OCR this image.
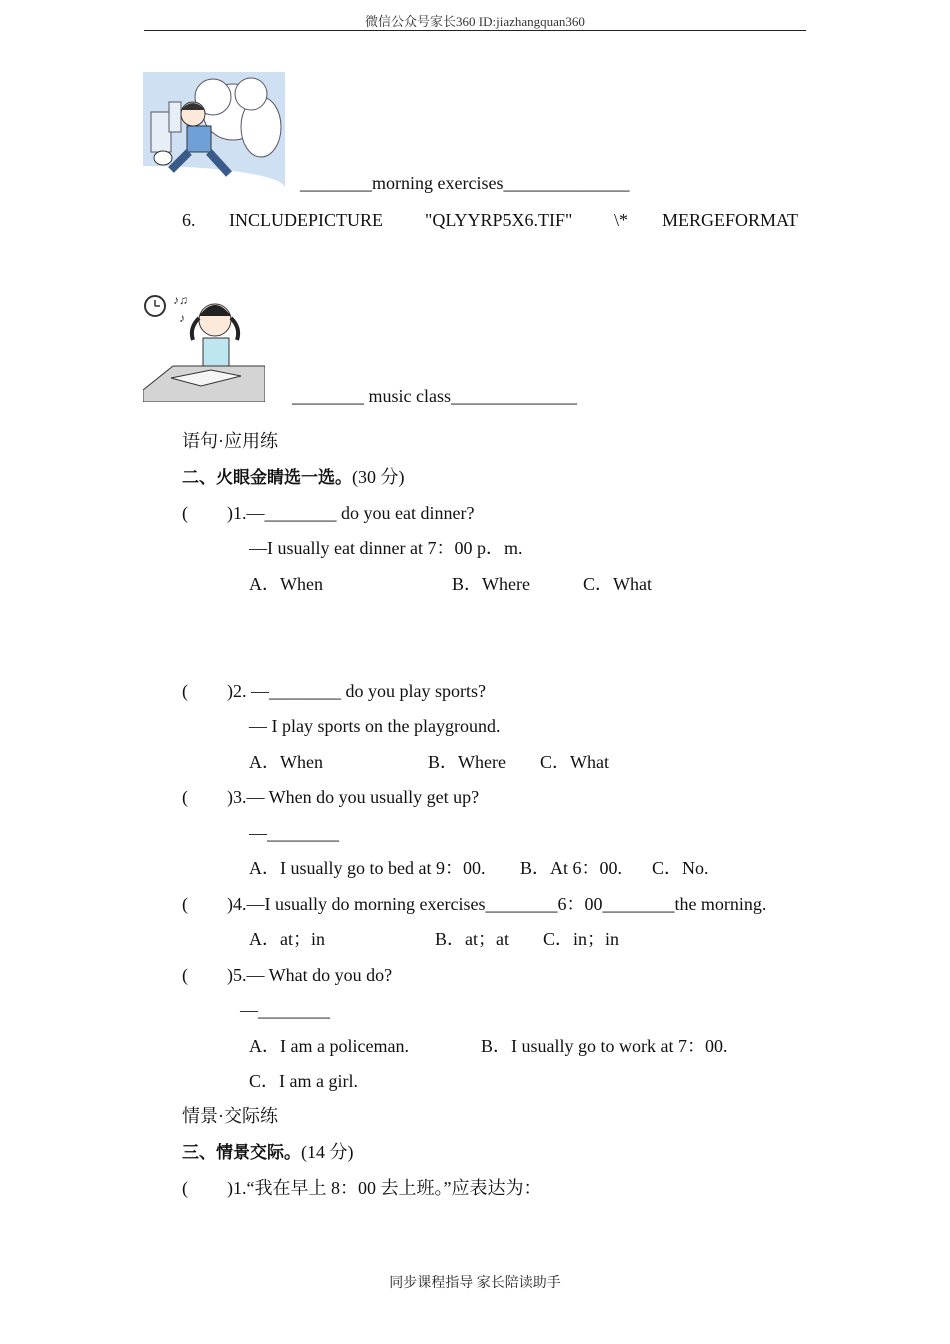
微信公众号家长360 ID:jiazhangquan360
________morning exercises______________
6. INCLUDEPICTURE "QLYYRP5X6.TIF" \* MERGEFORMAT
♪♫
♪
________ music class______________
语句·应用练
二、火眼金睛选一选。(30 分)
( )1.—________ do you eat dinner?
—I usually eat dinner at 7：00 p．m.
A．When	B．Where	C．What
( )2. —________ do you play sports?
— I play sports on the playground.
A．When	B．Where C．What
( )3.— When do you usually get up?
—________
A．I usually go to bed at 9：00. B．At 6：00. C．No.
( )4.—I usually do morning exercises________6：00________the morning.
A．at；in	B．at；at C．in；in
( )5.— What do you do?
—________
A．I am a policeman.	B．I usually go to work at 7：00.
C．I am a girl.
情景·交际练
三、情景交际。(14 分)
( )1.“我在早上 8：00 去上班。”应表达为：
同步课程指导 家长陪读助手
